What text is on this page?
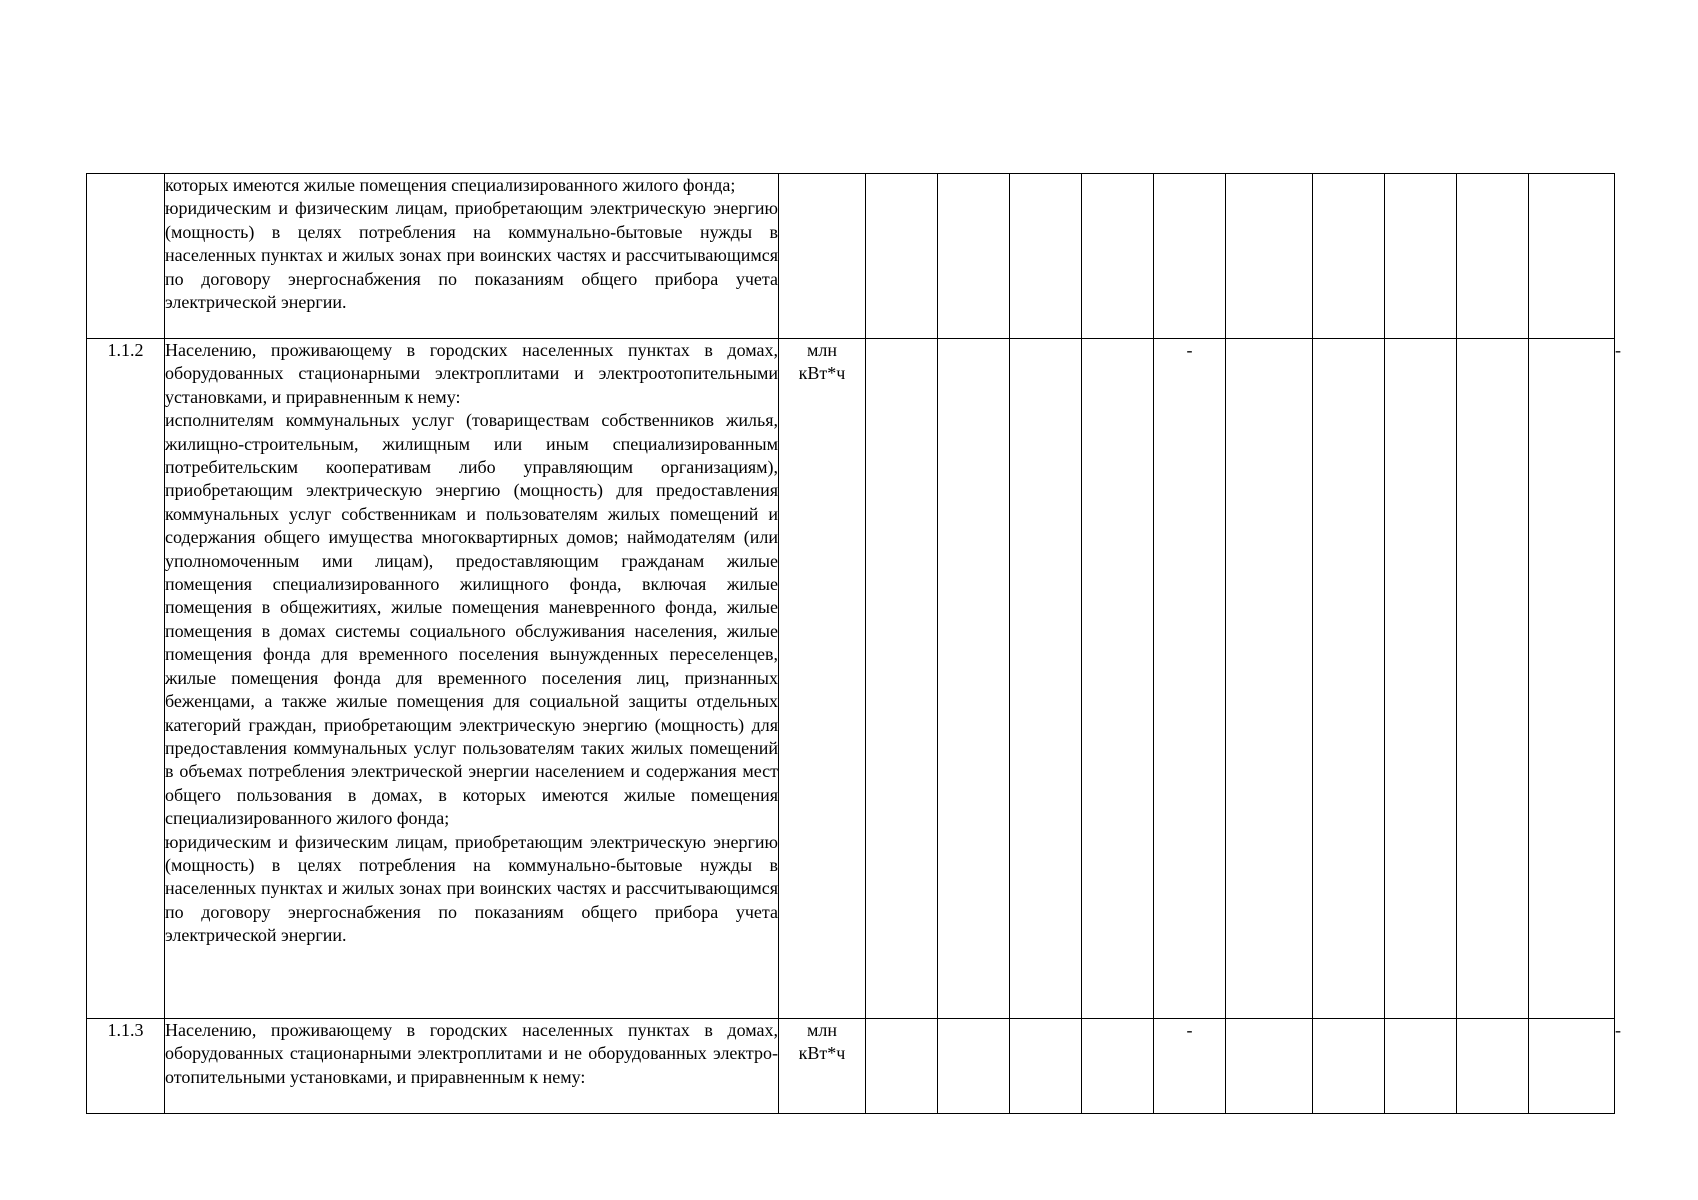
	которых имеются жилые помещения специализированного жилого фонда;
юридическим и физическим лицам, приобретающим электрическую энергию (мощность) в целях потребления на коммунально-бытовые нужды в населенных пунктах и жилых зонах при воинских частях и рассчитывающимся по договору энергоснабжения по показаниям общего прибора учета электрической энергии.												

1.1.2	Населению, проживающему в городских населенных пунктах в домах, оборудованных стационарными электроплитами и электроотопительными установками, и приравненным к нему:
исполнителям коммунальных услуг (товариществам собственников жилья, жилищно-строительным, жилищным или иным специализированным потребительским кооперативам либо управляющим организациям), приобретающим электрическую энергию (мощность) для предоставления коммунальных услуг собственникам и пользователям жилых помещений и содержания общего имущества многоквартирных домов; наймодателям (или уполномоченным ими лицам), предоставляющим гражданам жилые помещения специализированного жилищного фонда, включая жилые помещения в общежитиях, жилые помещения маневренного фонда, жилые помещения в домах системы социального обслуживания населения, жилые помещения фонда для временного поселения вынужденных переселенцев, жилые помещения фонда для временного поселения лиц, признанных беженцами, а также жилые помещения для социальной защиты отдельных категорий граждан, приобретающим электрическую энергию (мощность) для предоставления коммунальных услуг пользователям таких жилых помещений в объемах потребления электрической энергии населением и содержания мест общего пользования в домах, в которых имеются жилые помещения специализированного жилого фонда;
юридическим и физическим лицам, приобретающим электрическую энергию (мощность) в целях потребления на коммунально-бытовые нужды в населенных пунктах и жилых зонах при воинских частях и рассчитывающимся по договору энергоснабжения по показаниям общего прибора учета электрической энергии.	млн
кВт*ч					-						-
1.1.3	Населению, проживающему в городских населенных пунктах в домах, оборудованных стационарными электроплитами и не оборудованных электро-отопительными установками, и приравненным к нему:	млн
кВт*ч					-						-
